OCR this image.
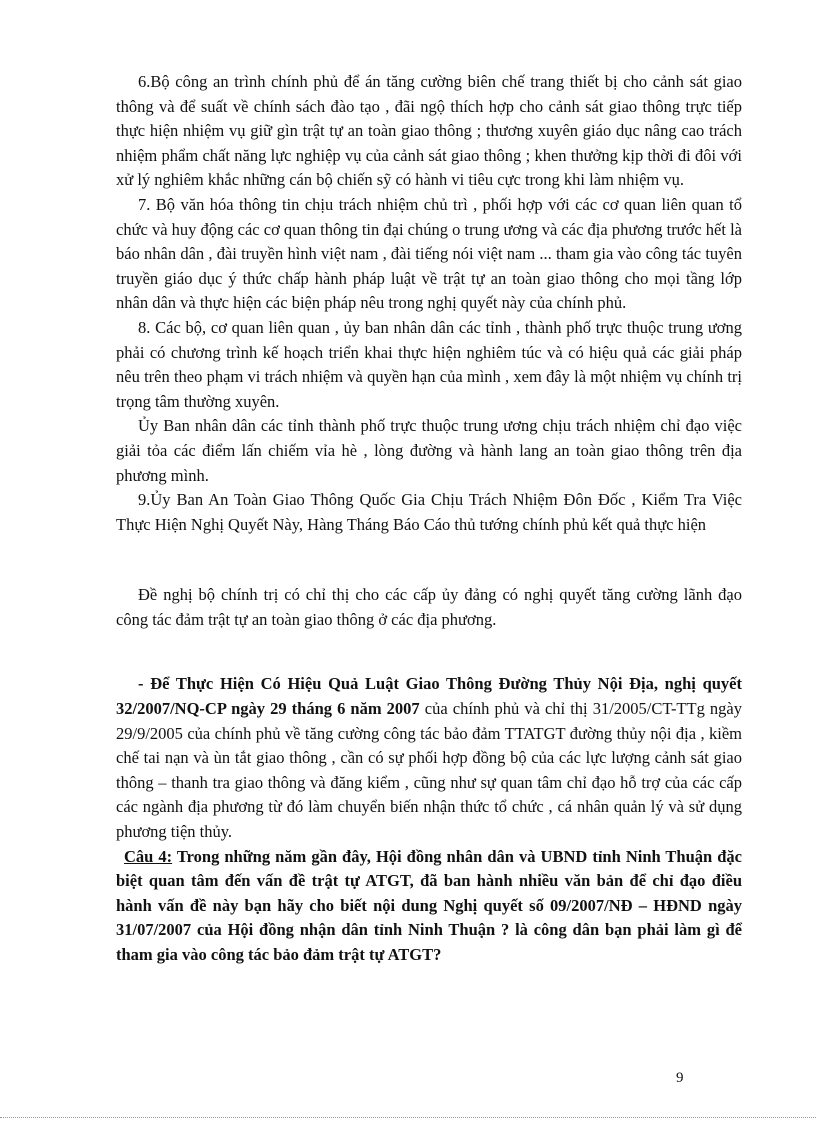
6.Bộ công an trình chính phủ để án tăng cường biên chế trang thiết bị cho cảnh sát giao thông và để suất về chính sách đào tạo , đãi ngộ thích hợp cho cảnh sát giao thông trực tiếp thực hiện nhiệm vụ giữ gìn trật tự an toàn giao thông ; thương xuyên giáo dục nâng cao trách nhiệm phẩm chất năng lực nghiệp vụ của cảnh sát giao thông ; khen thưởng kịp thời đi đôi với xử lý nghiêm khắc những cán bộ chiến sỹ có hành vi tiêu cực trong khi làm nhiệm vụ.

7. Bộ văn hóa thông tin chịu trách nhiệm chủ trì , phối hợp với các cơ quan liên quan tổ chức và huy động các cơ quan thông tin đại chúng o trung ương và các địa phương trước hết là báo nhân dân , đài truyền hình việt nam , đài tiếng nói việt nam ... tham gia vào công tác tuyên truyền giáo dục ý thức chấp hành pháp luật về trật tự an toàn giao thông cho mọi tầng lớp nhân dân và thực hiện các biện pháp nêu trong nghị quyết này của chính phủ.

8. Các bộ, cơ quan liên quan , ủy ban nhân dân các tỉnh , thành phố trực thuộc trung ương phải có chương trình kế hoạch triển khai thực hiện nghiêm túc và có hiệu quả các giải pháp nêu trên theo phạm vi trách nhiệm và quyền hạn của mình , xem đây là một nhiệm vụ chính trị trọng tâm thường xuyên.

Ủy Ban nhân dân các tỉnh thành phố trực thuộc trung ương chịu trách nhiệm chỉ đạo việc giải tỏa các điểm lấn chiếm vỉa hè , lòng đường và hành lang an toàn giao thông trên địa phương mình.

9.Ủy Ban An Toàn Giao Thông Quốc Gia Chịu Trách Nhiệm Đôn Đốc , Kiểm Tra Việc Thực Hiện Nghị Quyết Này, Hàng Tháng Báo Cáo thủ tướng chính phủ kết quả thực hiện

Đề nghị bộ chính trị có chỉ thị cho các cấp ủy đảng có nghị quyết tăng cường lãnh đạo công tác đảm trật tự an toàn giao thông ở các địa phương.

- Để Thực Hiện Có Hiệu Quả Luật Giao Thông Đường Thủy Nội Địa, nghị quyết 32/2007/NQ-CP ngày 29 tháng 6 năm 2007 của chính phủ và chỉ thị 31/2005/CT-TTg ngày 29/9/2005 của chính phủ về tăng cường công tác bảo đảm TTATGT đường thủy nội địa , kiềm chế tai nạn và ùn tắt giao thông , cần có sự phối hợp đồng bộ của các lực lượng cảnh sát giao thông – thanh tra giao thông và đăng kiểm , cũng như sự quan tâm chỉ đạo hỗ trợ của các cấp các ngành địa phương từ đó làm chuyển biến nhận thức tổ chức , cá nhân quản lý và sử dụng phương tiện thủy.

Câu 4: Trong những năm gần đây, Hội đồng nhân dân và UBND tỉnh Ninh Thuận đặc biệt quan tâm đến vấn đề trật tự ATGT, đã ban hành nhiều văn bản để chỉ đạo điều hành vấn đề này bạn hãy cho biết nội dung Nghị quyết số 09/2007/NĐ – HĐND ngày 31/07/2007 của Hội đồng nhận dân tỉnh Ninh Thuận ? là công dân bạn phải làm gì để tham gia vào công tác bảo đảm trật tự ATGT?

9
